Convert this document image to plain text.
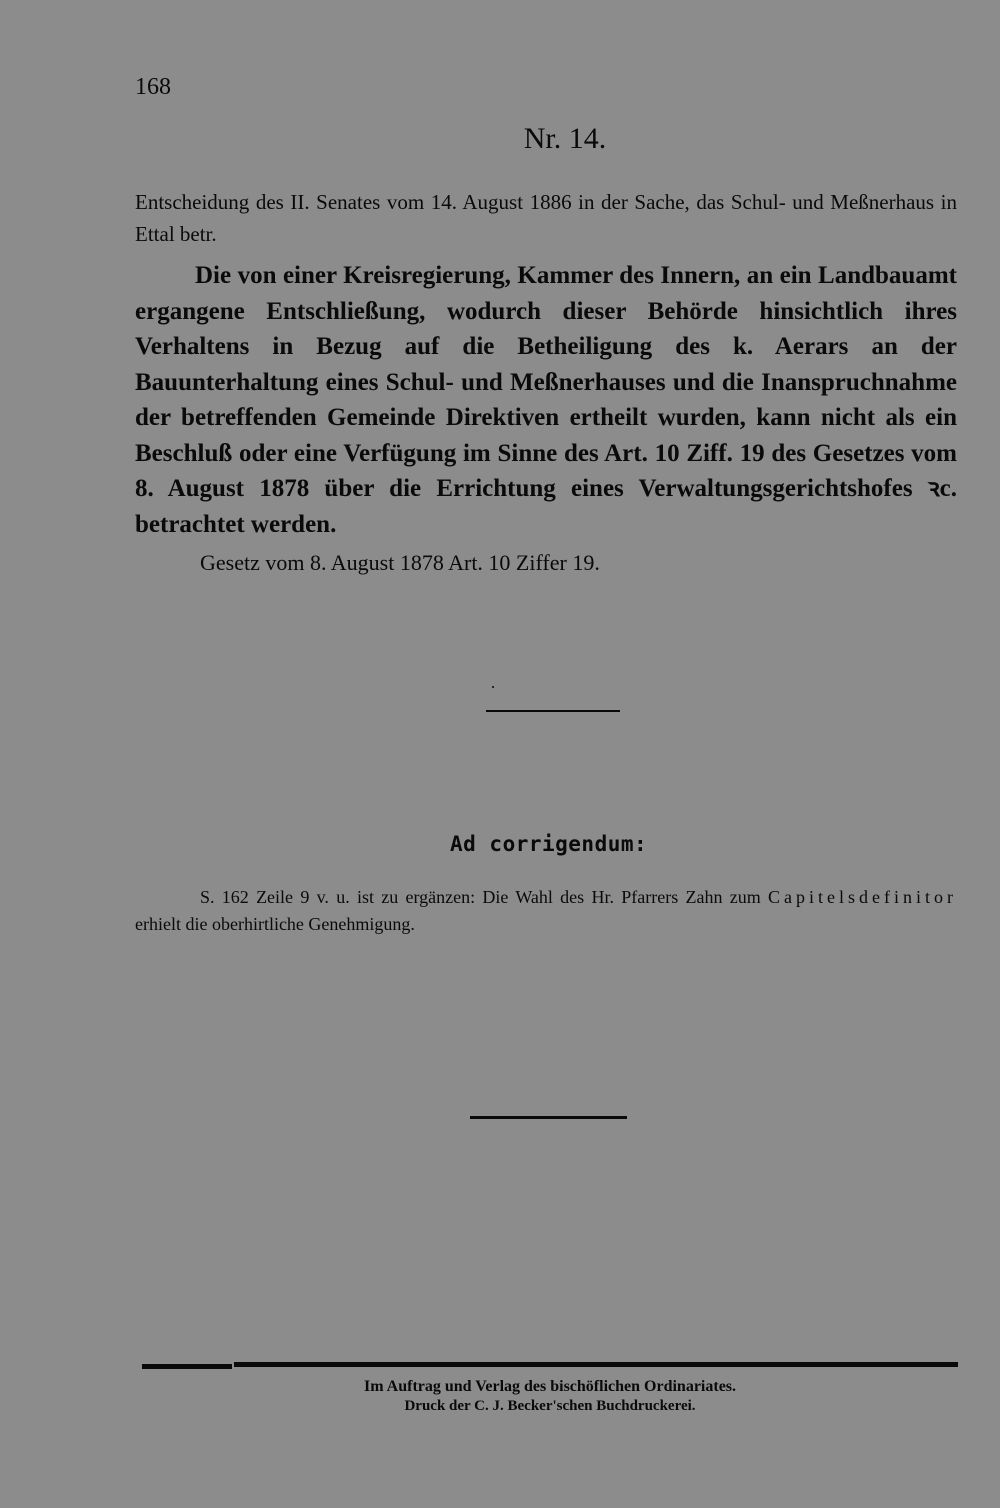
168
Nr. 14.
Entscheidung des II. Senates vom 14. August 1886 in der Sache, das Schul- und Meßnerhaus in Ettal betr.
Die von einer Kreisregierung, Kammer des Innern, an ein Landbauamt ergangene Entschließung, wodurch dieser Behörde hinsichtlich ihres Verhaltens in Bezug auf die Betheiligung des k. Aerars an der Bauunterhaltung eines Schul- und Meßnerhauses und die Inanspruchnahme der betreffenden Gemeinde Direktiven ertheilt wurden, kann nicht als ein Beschluß oder eine Verfügung im Sinne des Art. 10 Ziff. 19 des Gesetzes vom 8. August 1878 über die Errichtung eines Verwaltungsgerichtshofes ꝛc. betrachtet werden.
Gesetz vom 8. August 1878 Art. 10 Ziffer 19.
Ad corrigendum:
S. 162 Zeile 9 v. u. ist zu ergänzen: Die Wahl des Hr. Pfarrers Zahn zum Capitelsdefinitor erhielt die oberhirtliche Genehmigung.
Im Auftrag und Verlag des bischöflichen Ordinariates.
Druck der C. J. Becker'schen Buchdruckerei.
